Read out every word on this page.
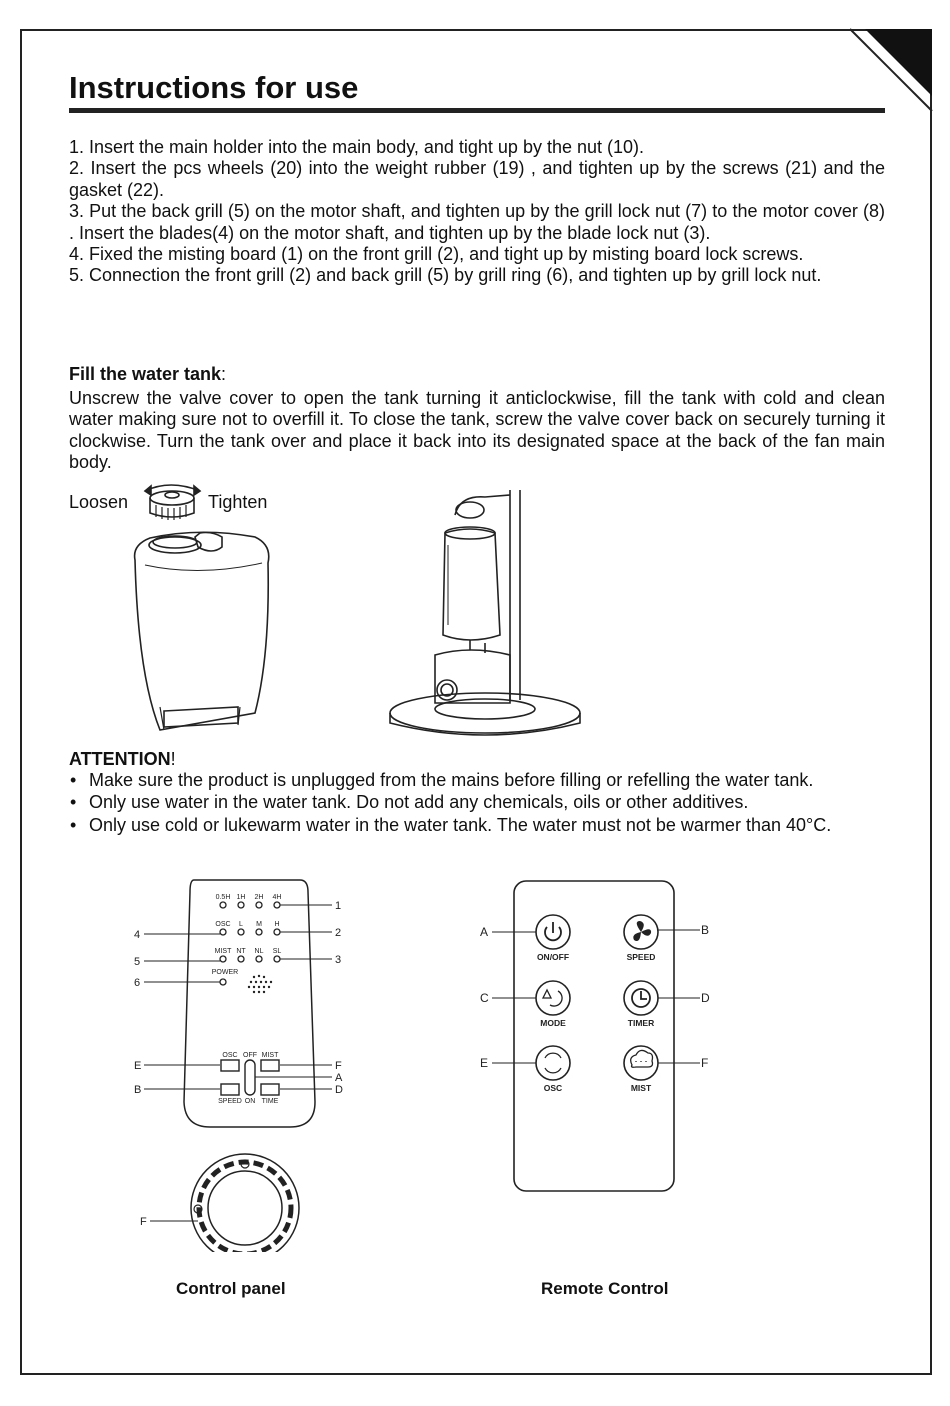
Instructions for use

1. Insert the main holder into the main body, and tight up by the nut (10).

2. Insert the pcs wheels (20) into the weight rubber (19) , and tighten up by the screws (21) and the gasket (22).

3. Put the back grill (5) on the motor shaft, and tighten up by the grill lock nut (7) to the motor cover (8) . Insert the blades(4) on the motor shaft, and tighten up by the blade lock nut (3).

4. Fixed the misting board (1) on the front grill (2), and tight up by misting board lock screws.

5. Connection the front grill (2) and back grill (5) by grill ring (6), and tighten up by grill lock nut.

Fill the water tank:

Unscrew the valve cover to open the tank turning it anticlockwise, fill the tank with cold and clean water making sure not to overfill it. To close the tank, screw the valve cover back on securely turning it clockwise. Turn the tank over and place it back into its designated space at the back of the fan main body.

Loosen	Tighten
ATTENTION!
• Make sure the product is unplugged from the mains before filling or refelling the water tank.
• Only use water in the water tank. Do not add any chemicals, oils or other additives.
• Only use cold or lukewarm water in the water tank. The water must not be warmer than 40°C.
0.5H 1H 2H 4H
OSC L M H
MIST NT NL SL
POWER
1
2
3
4
5
6
OSC OFF MIST
SPEED ON TIME
E
B
F
A
D
F
Control panel
ON/OFF	SPEED
MODE	TIMER
OSC	MIST
A	B
C	D
E	F
Remote Control
